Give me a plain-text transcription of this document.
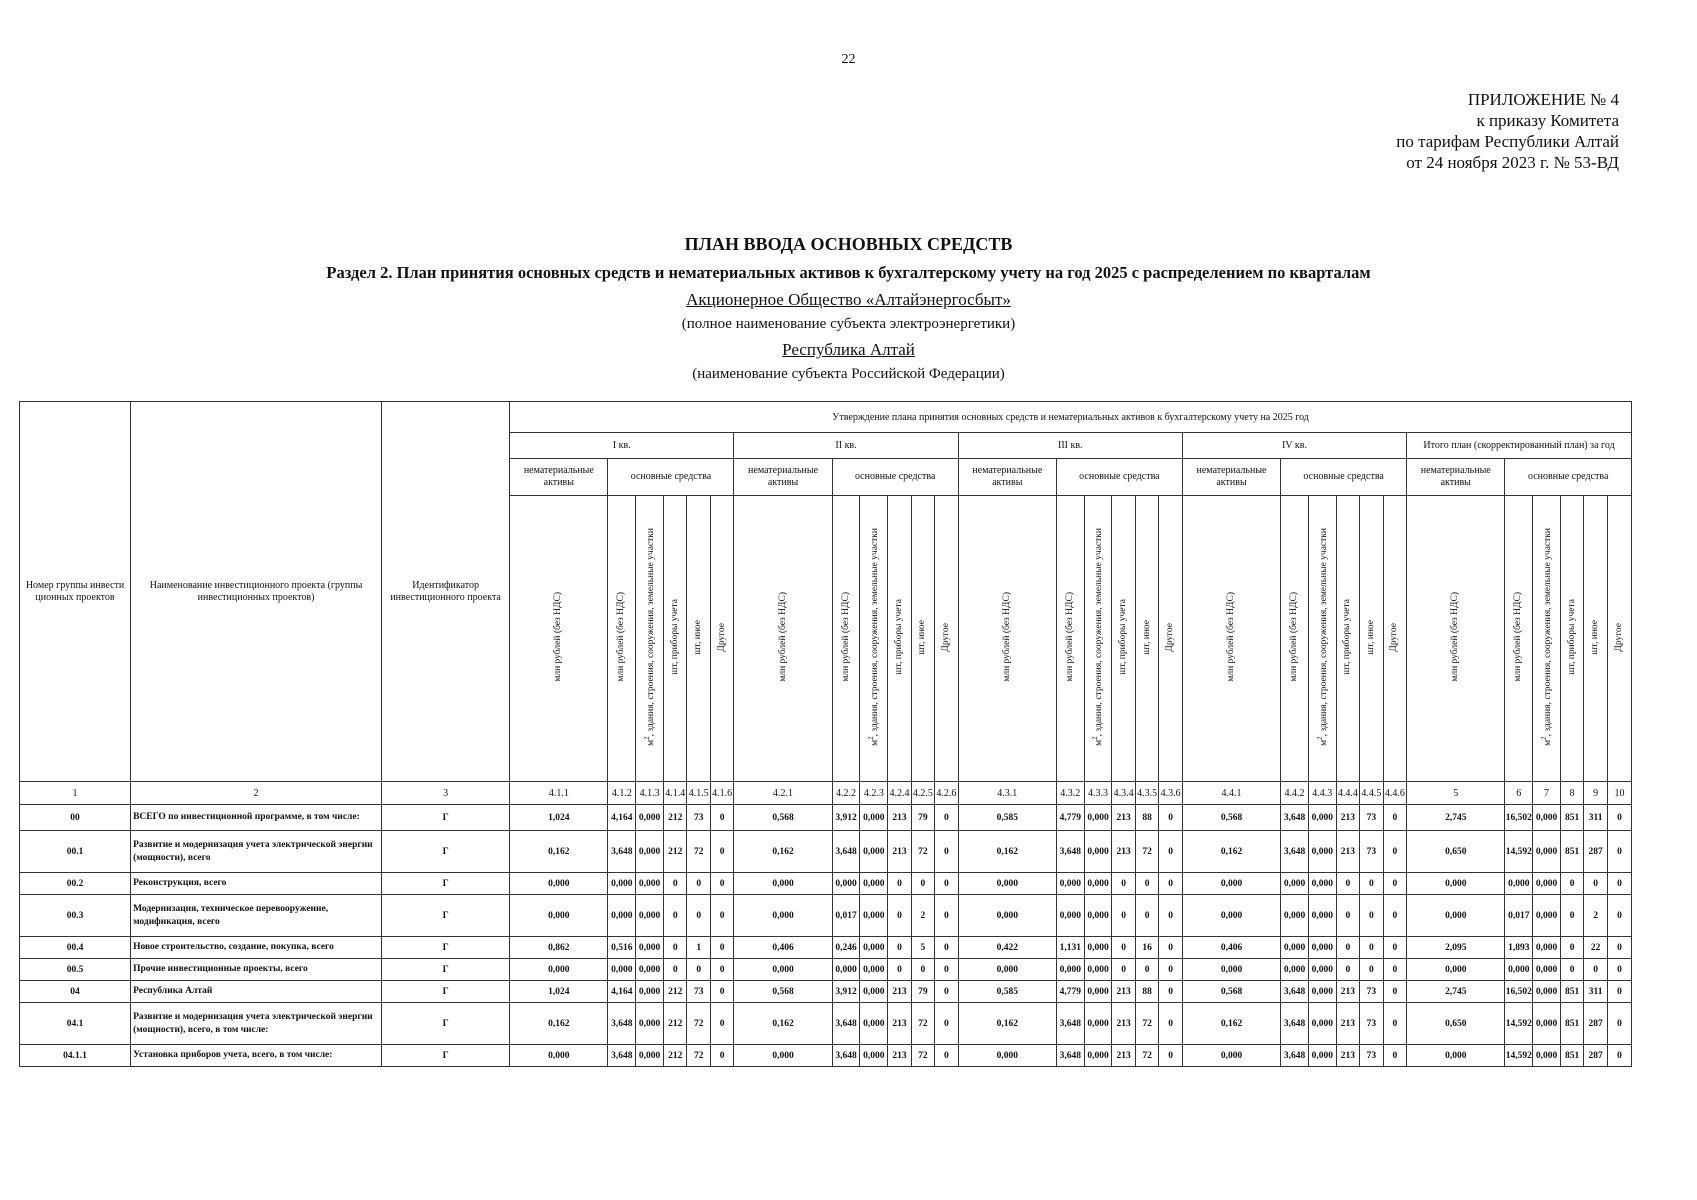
22
ПРИЛОЖЕНИЕ № 4
к приказу Комитета
по тарифам Республики Алтай
от 24 ноября 2023 г. № 53-ВД
ПЛАН ВВОДА ОСНОВНЫХ СРЕДСТВ
Раздел 2. План принятия основных средств и нематериальных активов к бухгалтерскому учету на год 2025 с распределением по кварталам
Акционерное Общество «Алтайэнергосбыт»
(полное наименование субъекта электроэнергетики)
Республика Алтай
(наименование субъекта Российской Федерации)
Номер группы инвести ционных проектов	Наименование инвестиционного проекта (группы инвестиционных проектов)	Идентификатор инвестиционного проекта	Утверждение плана принятия основных средств и нематериальных активов к бухгалтерскому учету на 2025 год																													
			I кв.						II кв.						III кв.						IV кв.						Итого план (скорректированный план) за год					
			нематериальные активы	основные средства					нематериальные активы	основные средства					нематериальные активы	основные средства					нематериальные активы	основные средства					нематериальные активы	основные средства				
			млн рублей (без НДС)	млн рублей (без НДС)	$м^2$, здания, строения, сооружения, земельные участки	шт, приборы учета	шт, иное	Другое	млн рублей (без НДС)	млн рублей (без НДС)	$м^2$, здания, строения, сооружения, земельные участки	шт, приборы учета	шт, иное	Другое	млн рублей (без НДС)	млн рублей (без НДС)	$м^2$, здания, строения, сооружения, земельные участки	шт, приборы учета	шт, иное	Другое	млн рублей (без НДС)	млн рублей (без НДС)	$м^2$, здания, строения, сооружения, земельные участки	шт, приборы учета	шт, иное	Другое	млн рублей (без НДС)	млн рублей (без НДС)	$м^2$, здания, строения, сооружения, земельные участки	шт, приборы учета	шт, иное	Другое
1	2	3	4.1.1	4.1.2	4.1.3	4.1.4	4.1.5	4.1.6	4.2.1	4.2.2	4.2.3	4.2.4	4.2.5	4.2.6	4.3.1	4.3.2	4.3.3	4.3.4	4.3.5	4.3.6	4.4.1	4.4.2	4.4.3	4.4.4	4.4.5	4.4.6	5	6	7	8	9	10
00	ВСЕГО по инвестиционной программе, в том числе:	Г	1,024	4,164	0,000	212	73	0	0,568	3,912	0,000	213	79	0	0,585	4,779	0,000	213	88	0	0,568	3,648	0,000	213	73	0	2,745	16,502	0,000	851	311	0
00.1	Развитие и модернизация учета электрической энергии (мощности), всего	Г	0,162	3,648	0,000	212	72	0	0,162	3,648	0,000	213	72	0	0,162	3,648	0,000	213	72	0	0,162	3,648	0,000	213	73	0	0,650	14,592	0,000	851	287	0
00.2	Реконструкция, всего	Г	0,000	0,000	0,000	0	0	0	0,000	0,000	0,000	0	0	0	0,000	0,000	0,000	0	0	0	0,000	0,000	0,000	0	0	0	0,000	0,000	0,000	0	0	0
00.3	Модернизация, техническое перевооружение, модификация, всего	Г	0,000	0,000	0,000	0	0	0	0,000	0,017	0,000	0	2	0	0,000	0,000	0,000	0	0	0	0,000	0,000	0,000	0	0	0	0,000	0,017	0,000	0	2	0
00.4	Новое строительство, создание, покупка, всего	Г	0,862	0,516	0,000	0	1	0	0,406	0,246	0,000	0	5	0	0,422	1,131	0,000	0	16	0	0,406	0,000	0,000	0	0	0	2,095	1,893	0,000	0	22	0
00.5	Прочие инвестиционные проекты, всего	Г	0,000	0,000	0,000	0	0	0	0,000	0,000	0,000	0	0	0	0,000	0,000	0,000	0	0	0	0,000	0,000	0,000	0	0	0	0,000	0,000	0,000	0	0	0
04	Республика Алтай	Г	1,024	4,164	0,000	212	73	0	0,568	3,912	0,000	213	79	0	0,585	4,779	0,000	213	88	0	0,568	3,648	0,000	213	73	0	2,745	16,502	0,000	851	311	0
04.1	Развитие и модернизация учета электрической энергии (мощности), всего, в том числе:	Г	0,162	3,648	0,000	212	72	0	0,162	3,648	0,000	213	72	0	0,162	3,648	0,000	213	72	0	0,162	3,648	0,000	213	73	0	0,650	14,592	0,000	851	287	0
04.1.1	Установка приборов учета, всего, в том числе:	Г	0,000	3,648	0,000	212	72	0	0,000	3,648	0,000	213	72	0	0,000	3,648	0,000	213	72	0	0,000	3,648	0,000	213	73	0	0,000	14,592	0,000	851	287	0
